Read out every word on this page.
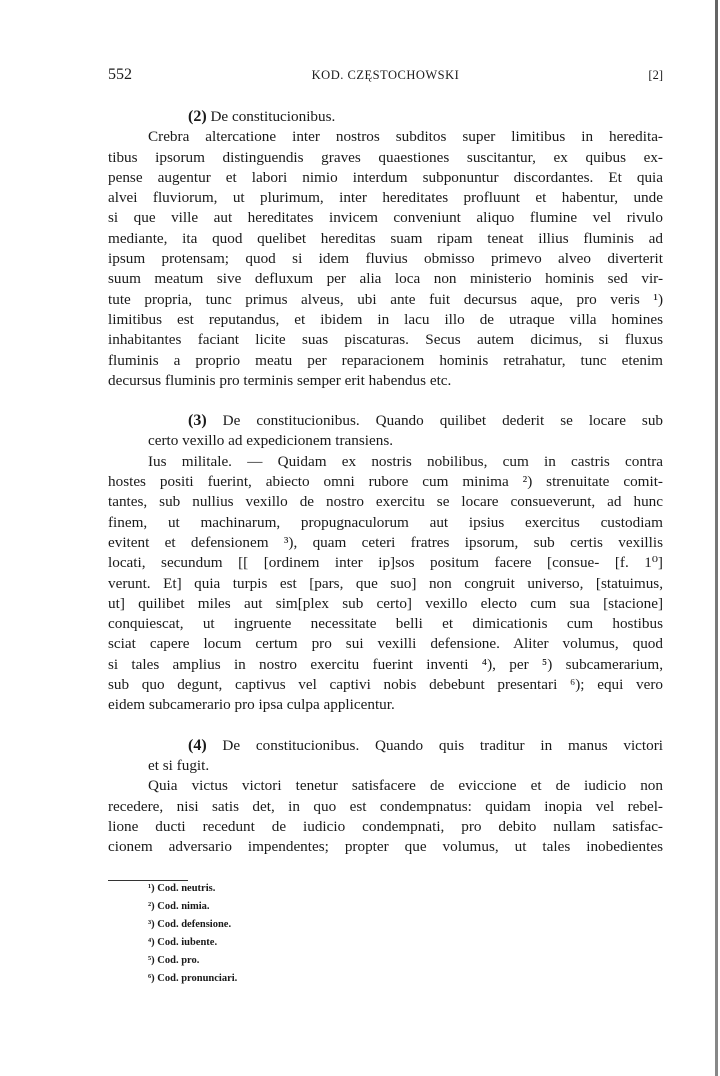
552	KOD. CZĘSTOCHOWSKI	[2]
(2) De constitucionibus.
Crebra altercatione inter nostros subditos super limitibus in heredita-
tibus ipsorum distinguendis graves quaestiones suscitantur, ex quibus ex-
pense augentur et labori nimio interdum subponuntur discordantes. Et quia
alvei fluviorum, ut plurimum, inter hereditates profluunt et habentur, unde
si que ville aut hereditates invicem conveniunt aliquo flumine vel rivulo
mediante, ita quod quelibet hereditas suam ripam teneat illius fluminis ad
ipsum protensam; quod si idem fluvius obmisso primevo alveo diverterit
suum meatum sive defluxum per alia loca non ministerio hominis sed vir-
tute propria, tunc primus alveus, ubi ante fuit decursus aque, pro veris ¹)
limitibus est reputandus, et ibidem in lacu illo de utraque villa homines
inhabitantes faciant licite suas piscaturas. Secus autem dicimus, si fluxus
fluminis a proprio meatu per reparacionem hominis retrahatur, tunc etenim
decursus fluminis pro terminis semper erit habendus etc.
(3) De constitucionibus. Quando quilibet dederit se locare sub
certo vexillo ad expedicionem transiens.
Ius militale. — Quidam ex nostris nobilibus, cum in castris contra
hostes positi fuerint, abiecto omni rubore cum minima ²) strenuitate comit-
tantes, sub nullius vexillo de nostro exercitu se locare consueverunt, ad hunc
finem, ut machinarum, propugnaculorum aut ipsius exercitus custodiam
evitent et defensionem ³), quam ceteri fratres ipsorum, sub certis vexillis
locati, secundum [[ [ordinem inter ip]sos positum facere [consue- [f. 1⁰]
verunt. Et] quia turpis est [pars, que suo] non congruit universo, [statuimus,
ut] quilibet miles aut sim[plex sub certo] vexillo electo cum sua [stacione]
conquiescat, ut ingruente necessitate belli et dimicationis cum hostibus
sciat capere locum certum pro sui vexilli defensione. Aliter volumus, quod
si tales amplius in nostro exercitu fuerint inventi ⁴), per ⁵) subcamerarium,
sub quo degunt, captivus vel captivi nobis debebunt presentari ⁶); equi vero
eidem subcamerario pro ipsa culpa applicentur.
(4) De constitucionibus. Quando quis traditur in manus victori
et si fugit.
Quia victus victori tenetur satisfacere de eviccione et de iudicio non
recedere, nisi satis det, in quo est condempnatus: quidam inopia vel rebel-
lione ducti recedunt de iudicio condempnati, pro debito nullam satisfac-
cionem adversario impendentes; propter que volumus, ut tales inobedientes
¹) Cod. neutris.
²) Cod. nimia.
³) Cod. defensione.
⁴) Cod. iubente.
⁵) Cod. pro.
⁶) Cod. pronunciari.
